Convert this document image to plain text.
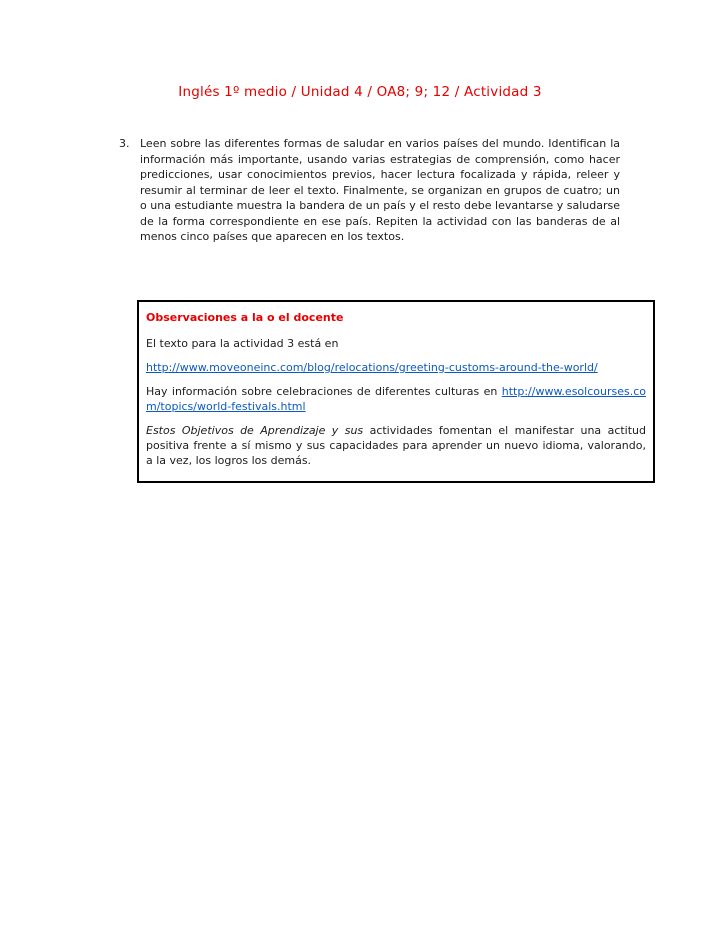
Inglés 1º medio / Unidad 4 / OA8; 9; 12 / Actividad 3
3. Leen sobre las diferentes formas de saludar en varios países del mundo. Identifican la información más importante, usando varias estrategias de comprensión, como hacer predicciones, usar conocimientos previos, hacer lectura focalizada y rápida, releer y resumir al terminar de leer el texto. Finalmente, se organizan en grupos de cuatro; un o una estudiante muestra la bandera de un país y el resto debe levantarse y saludarse de la forma correspondiente en ese país. Repiten la actividad con las banderas de al menos cinco países que aparecen en los textos.
Observaciones a la o el docente

El texto para la actividad 3 está en

http://www.moveoneinc.com/blog/relocations/greeting-customs-around-the-world/

Hay información sobre celebraciones de diferentes culturas en http://www.esolcourses.com/topics/world-festivals.html

Estos Objetivos de Aprendizaje y sus actividades fomentan el manifestar una actitud positiva frente a sí mismo y sus capacidades para aprender un nuevo idioma, valorando, a la vez, los logros los demás.
